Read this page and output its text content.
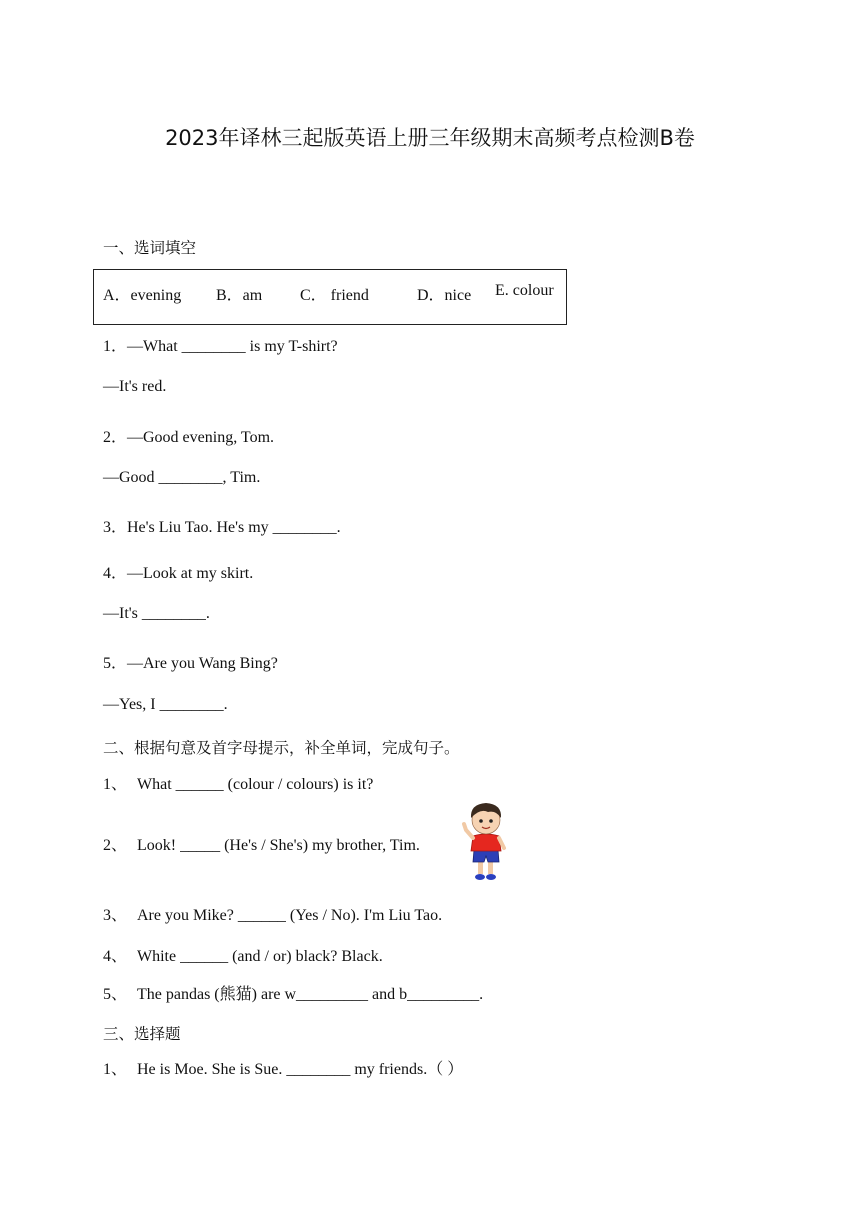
2023年译林三起版英语上册三年级期末高频考点检测B卷
一、选词填空
A．evening B．am C． friend	D．nice E. colour
1．—What ________ is my T-shirt?
—It's red.
2．—Good evening, Tom.
—Good ________, Tim.
3．He's Liu Tao. He's my ________.
4．—Look at my skirt.
—It's ________.
5．—Are you Wang Bing?
—Yes, I ________.
二、根据句意及首字母提示，补全单词，完成句子。
1、 What ______ (colour / colours) is it?
2、 Look! _____ (He's / She's) my brother, Tim.
3、 Are you Mike? ______ (Yes / No). I'm Liu Tao.
4、 White ______ (and / or) black? Black.
5、 The pandas (熊猫) are w_________ and b_________.
三、选择题
1、 He is Moe. She is Sue. ________ my friends.（ ）
